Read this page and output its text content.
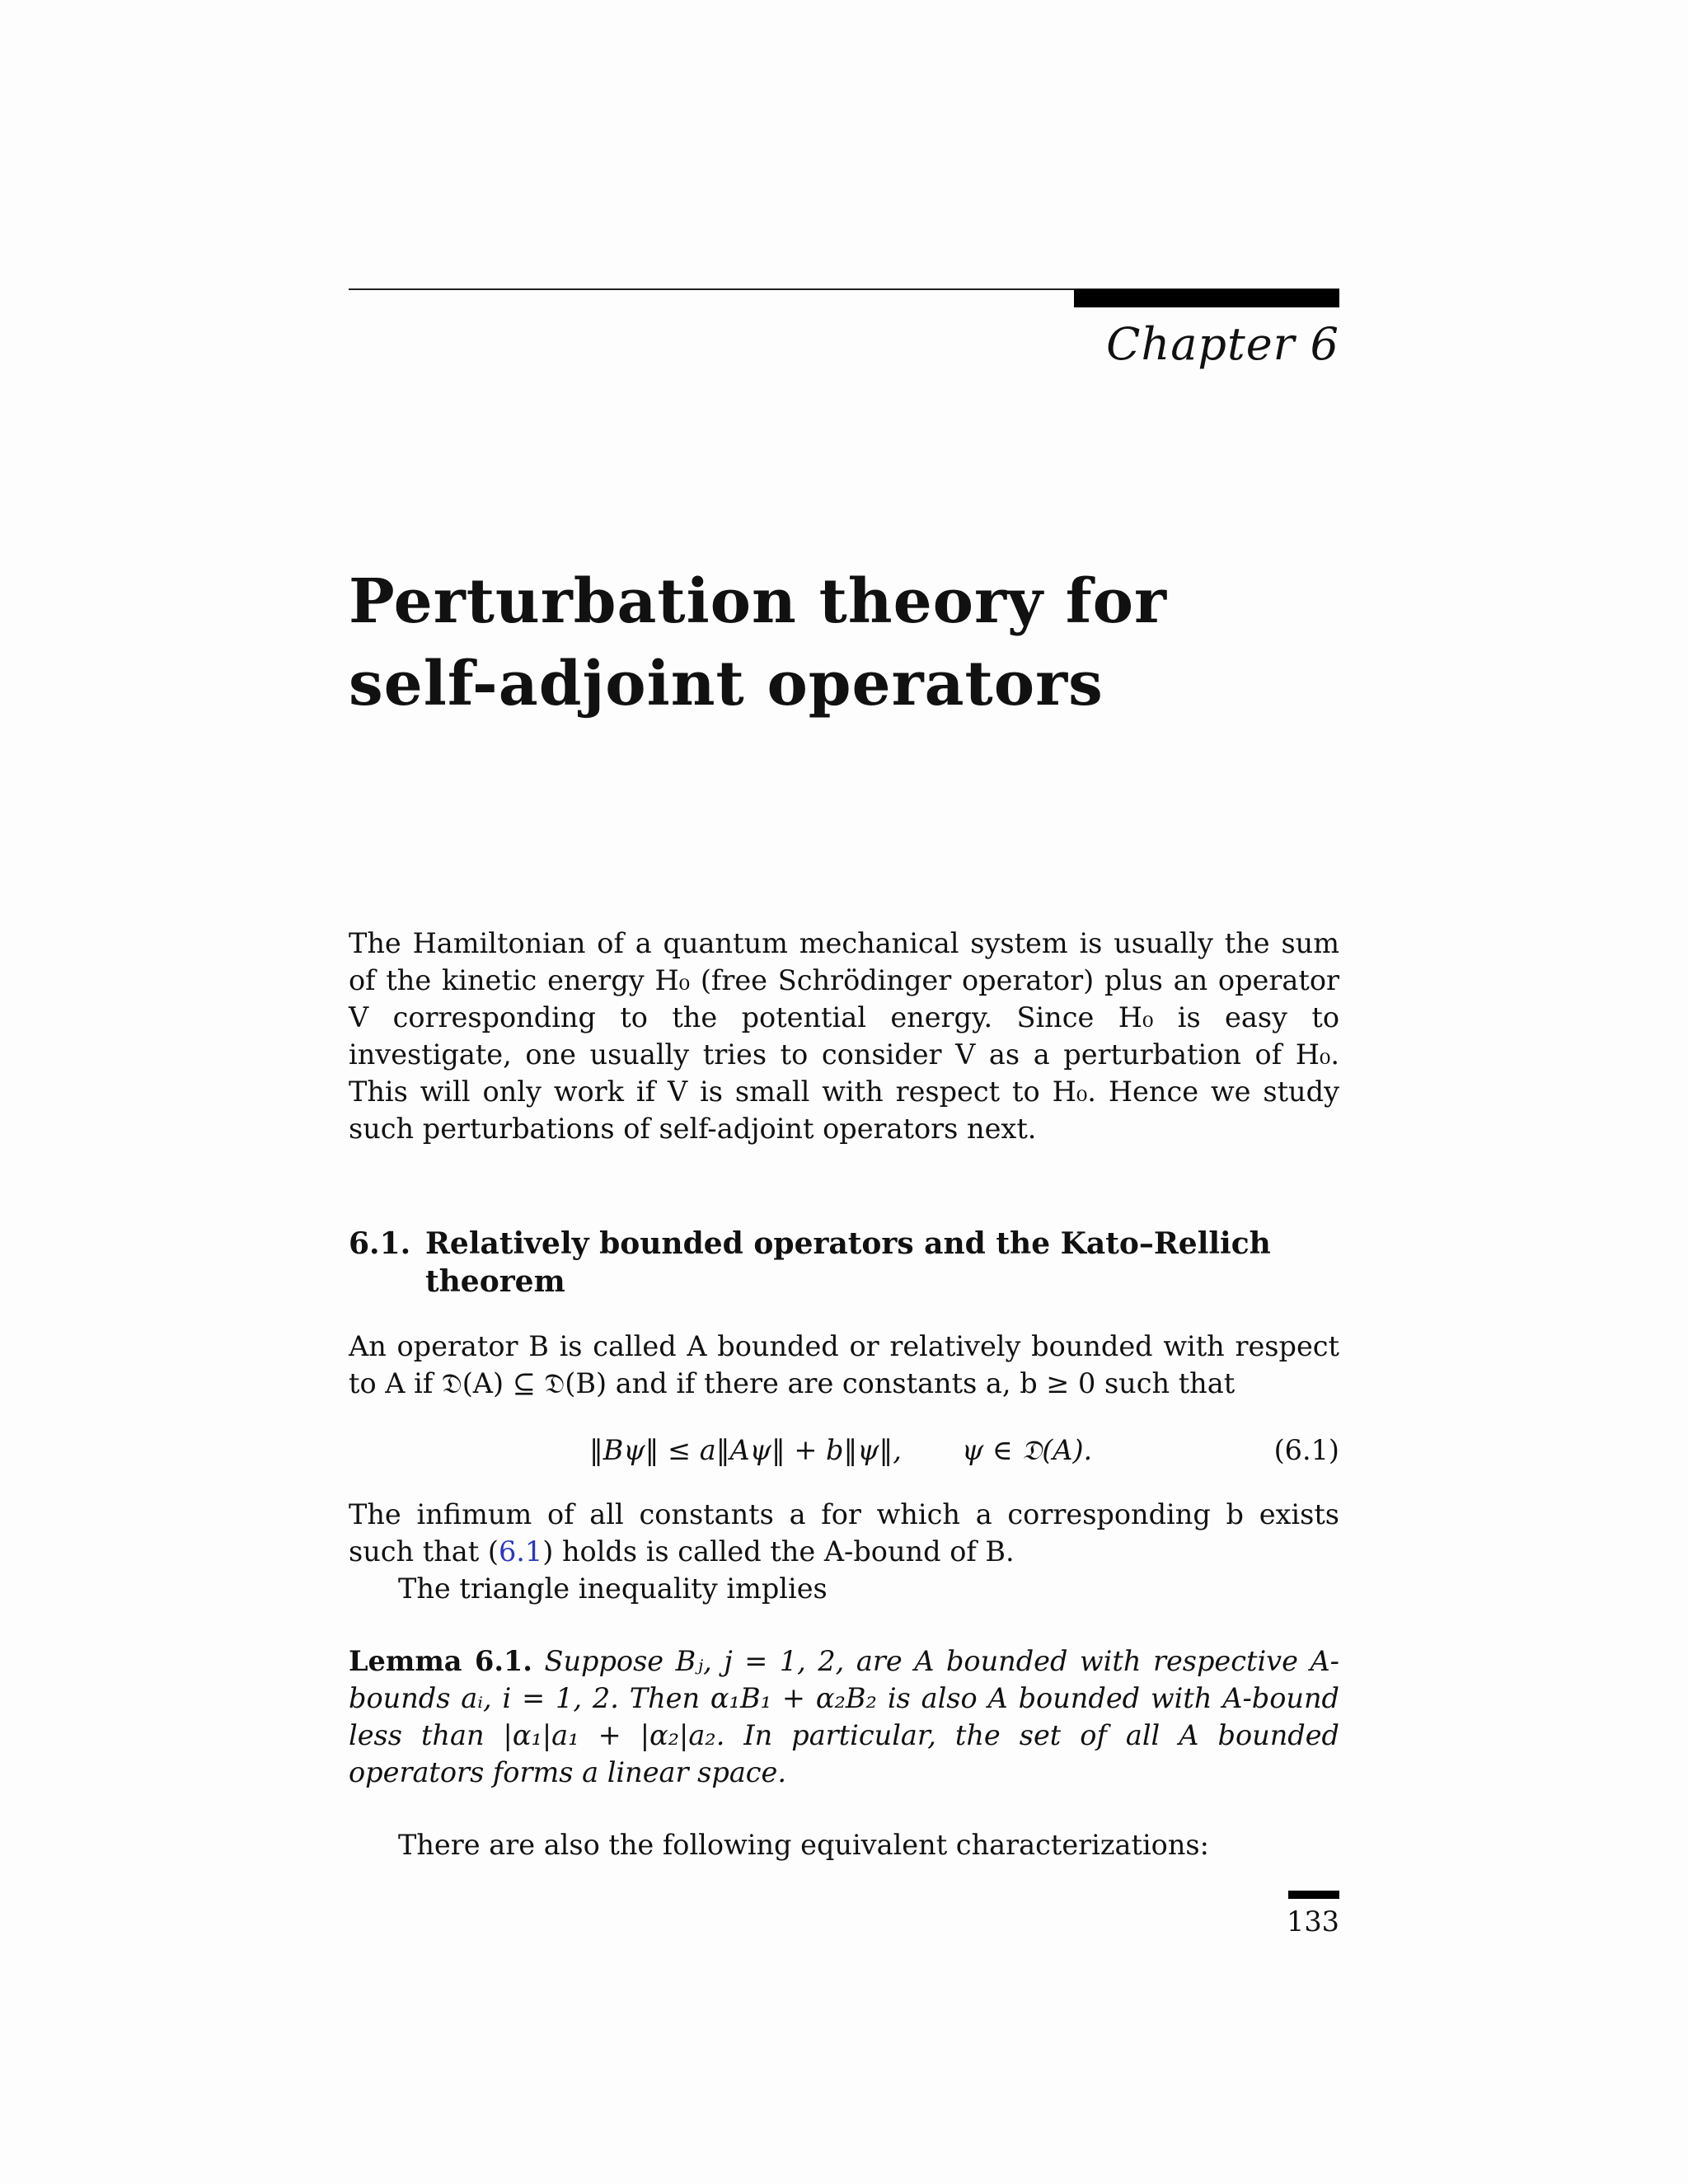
Chapter 6
Perturbation theory for
self-adjoint operators

The Hamiltonian of a quantum mechanical system is usually the sum of the kinetic energy H₀ (free Schrödinger operator) plus an operator V corresponding to the potential energy. Since H₀ is easy to investigate, one usually tries to consider V as a perturbation of H₀. This will only work if V is small with respect to H₀. Hence we study such perturbations of self-adjoint operators next.

6.1. Relatively bounded operators and the Kato–Rellich theorem

An operator B is called A bounded or relatively bounded with respect to A if 𝔇(A) ⊆ 𝔇(B) and if there are constants a, b ≥ 0 such that

‖Bψ‖ ≤ a‖Aψ‖ + b‖ψ‖, ψ ∈ 𝔇(A).	(6.1)

The infimum of all constants a for which a corresponding b exists such that (6.1) holds is called the A-bound of B.

The triangle inequality implies

Lemma 6.1. Suppose Bⱼ, j = 1, 2, are A bounded with respective A-bounds aᵢ, i = 1, 2. Then α₁B₁ + α₂B₂ is also A bounded with A-bound less than |α₁|a₁ + |α₂|a₂. In particular, the set of all A bounded operators forms a linear space.

There are also the following equivalent characterizations:

133
